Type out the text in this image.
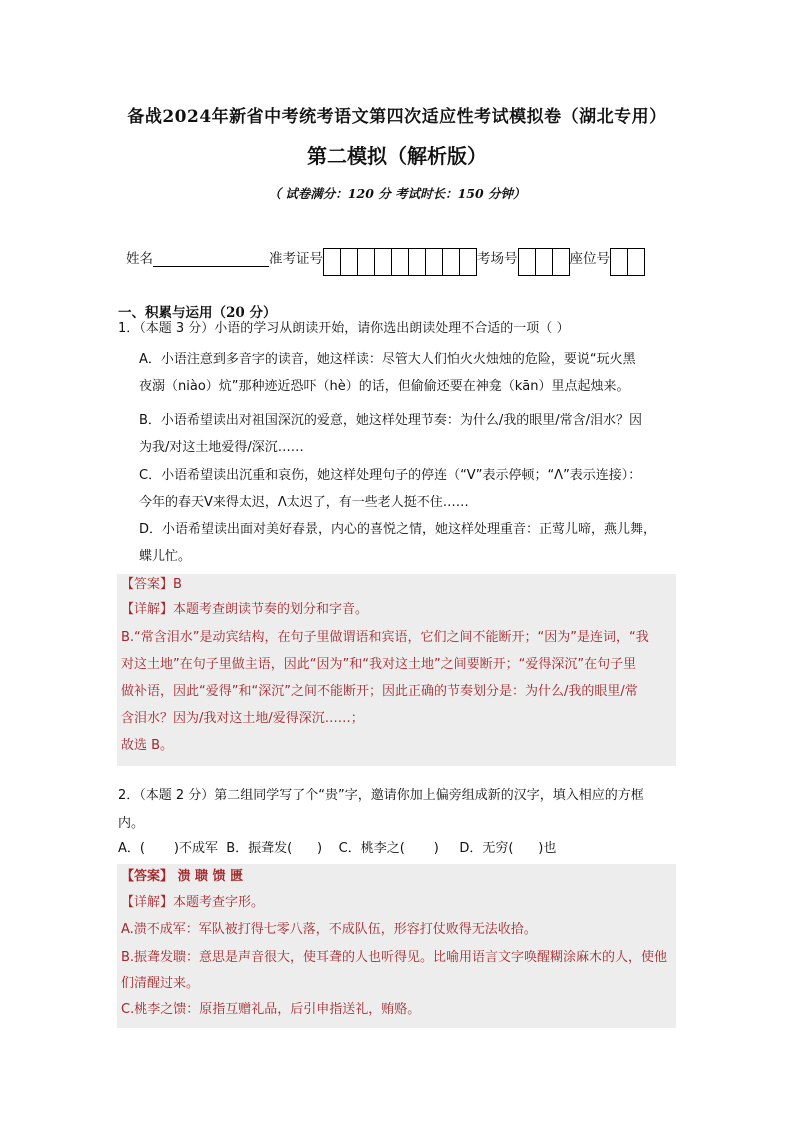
备战2024年新省中考统考语文第四次适应性考试模拟卷（湖北专用）
第二模拟（解析版）
（ 试卷满分：120 分 考试时长：150 分钟）
姓名	准考证号	考场号	座位号
一、积累与运用（20 分）
1．（本题 3 分）小语的学习从朗读开始，请你选出朗读处理不合适的一项（ ）
A．小语注意到多音字的读音，她这样读：尽管大人们怕火火烛烛的危险，要说“玩火黑
夜溺（niào）炕”那种迹近恐吓（hè）的话，但偷偷还要在神龛（kān）里点起烛来。
B．小语希望读出对祖国深沉的爱意，她这样处理节奏：为什么/我的眼里/常含/泪水？因
为我/对这土地爱得/深沉……
C．小语希望读出沉重和哀伤，她这样处理句子的停连（“V”表示停顿；“Λ”表示连接）：
今年的春天V来得太迟，Λ太迟了，有一些老人挺不住……
D．小语希望读出面对美好春景，内心的喜悦之情，她这样处理重音：正莺儿啼，燕儿舞，
蝶儿忙。
【答案】B
【详解】本题考查朗读节奏的划分和字音。
B.“常含泪水”是动宾结构，在句子里做谓语和宾语，它们之间不能断开；“因为”是连词，“我
对这土地”在句子里做主语，因此“因为”和“我对这土地”之间要断开；“爱得深沉”在句子里
做补语，因此“爱得”和“深沉”之间不能断开；因此正确的节奏划分是：为什么/我的眼里/常
含泪水？因为/我对这土地/爱得深沉……；
故选 B。
2．（本题 2 分）第二组同学写了个“贵”字，邀请你加上偏旁组成新的汉字，填入相应的方框
内。
A．(       )不成军  B．振聋发(      )    C．桃李之(       )     D．无穷(      )也
【答案】 溃 聩 馈 匮
【详解】本题考查字形。
A.溃不成军：军队被打得七零八落，不成队伍，形容打仗败得无法收拾。
B.振聋发聩：意思是声音很大，使耳聋的人也听得见。比喻用语言文字唤醒糊涂麻木的人，使他
们清醒过来。
C.桃李之馈：原指互赠礼品，后引申指送礼，贿赂。
